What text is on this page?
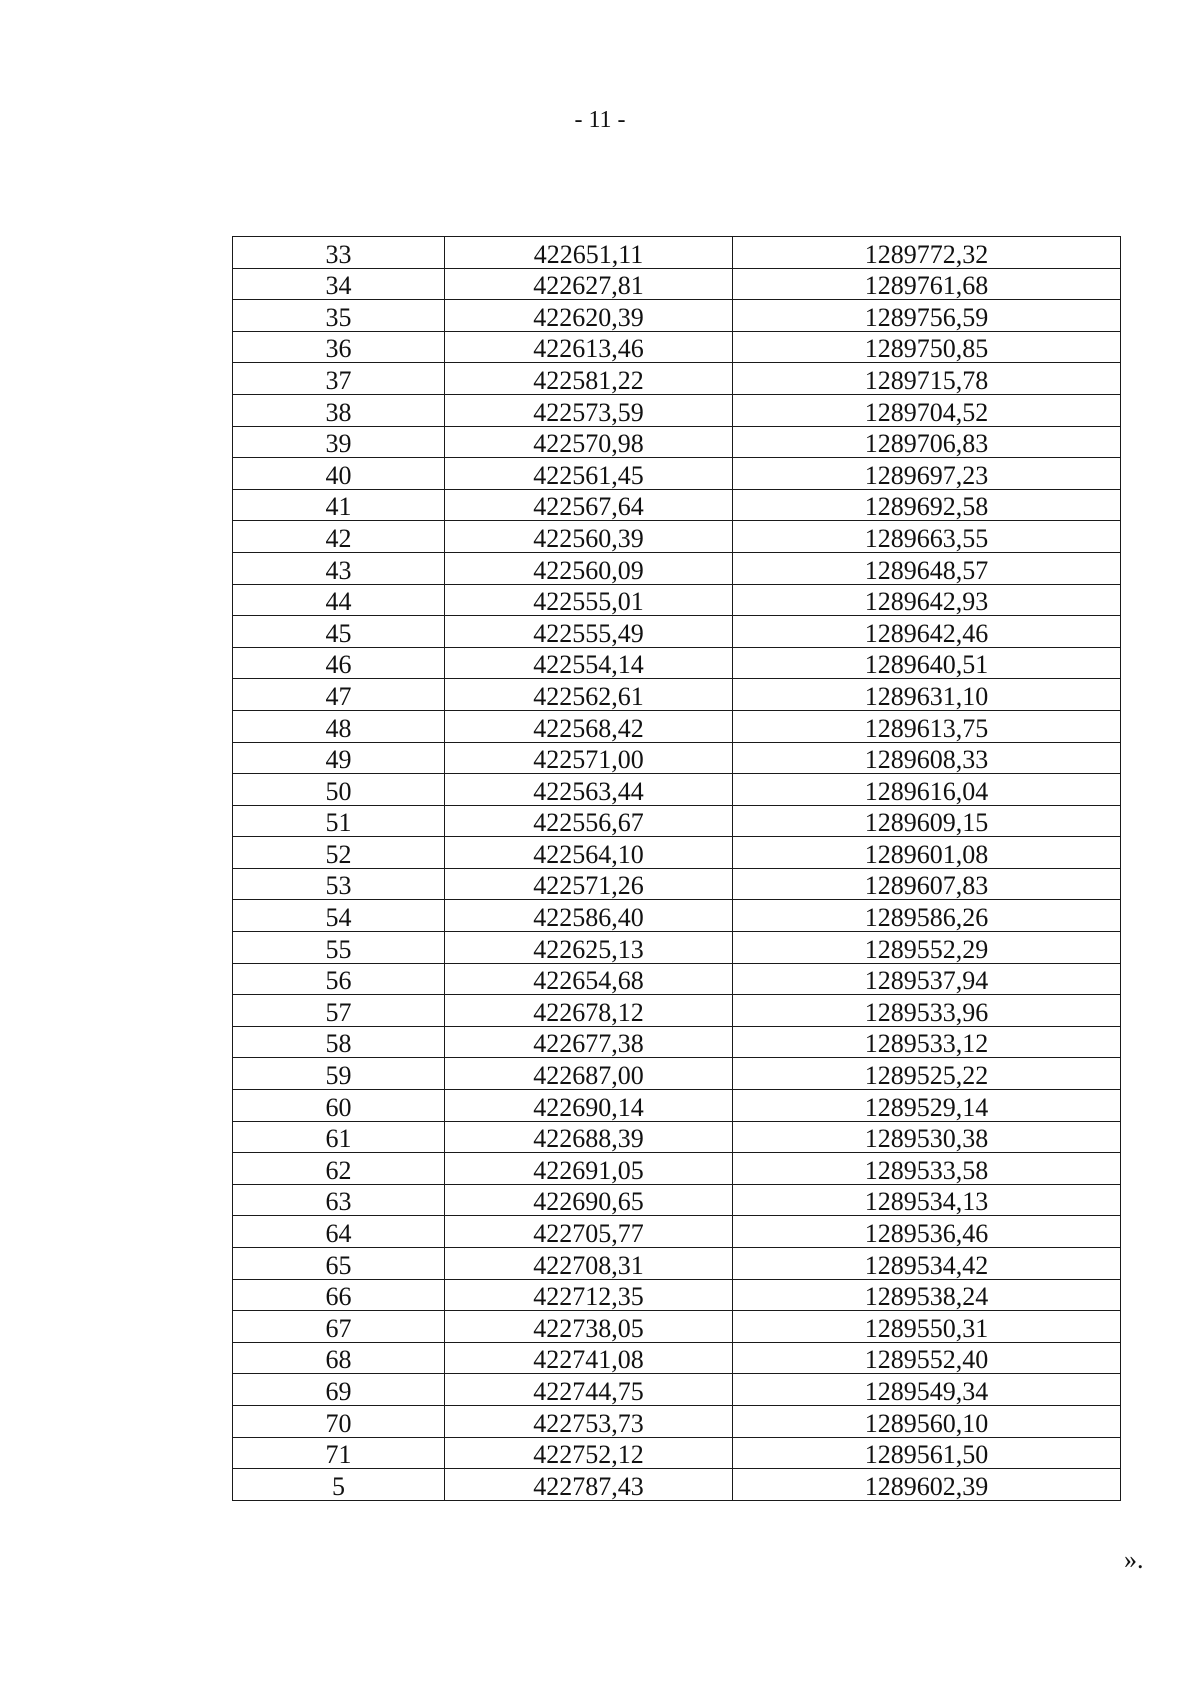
- 11 -
33	422651,11	1289772,32
34	422627,81	1289761,68
35	422620,39	1289756,59
36	422613,46	1289750,85
37	422581,22	1289715,78
38	422573,59	1289704,52
39	422570,98	1289706,83
40	422561,45	1289697,23
41	422567,64	1289692,58
42	422560,39	1289663,55
43	422560,09	1289648,57
44	422555,01	1289642,93
45	422555,49	1289642,46
46	422554,14	1289640,51
47	422562,61	1289631,10
48	422568,42	1289613,75
49	422571,00	1289608,33
50	422563,44	1289616,04
51	422556,67	1289609,15
52	422564,10	1289601,08
53	422571,26	1289607,83
54	422586,40	1289586,26
55	422625,13	1289552,29
56	422654,68	1289537,94
57	422678,12	1289533,96
58	422677,38	1289533,12
59	422687,00	1289525,22
60	422690,14	1289529,14
61	422688,39	1289530,38
62	422691,05	1289533,58
63	422690,65	1289534,13
64	422705,77	1289536,46
65	422708,31	1289534,42
66	422712,35	1289538,24
67	422738,05	1289550,31
68	422741,08	1289552,40
69	422744,75	1289549,34
70	422753,73	1289560,10
71	422752,12	1289561,50
5	422787,43	1289602,39
».
